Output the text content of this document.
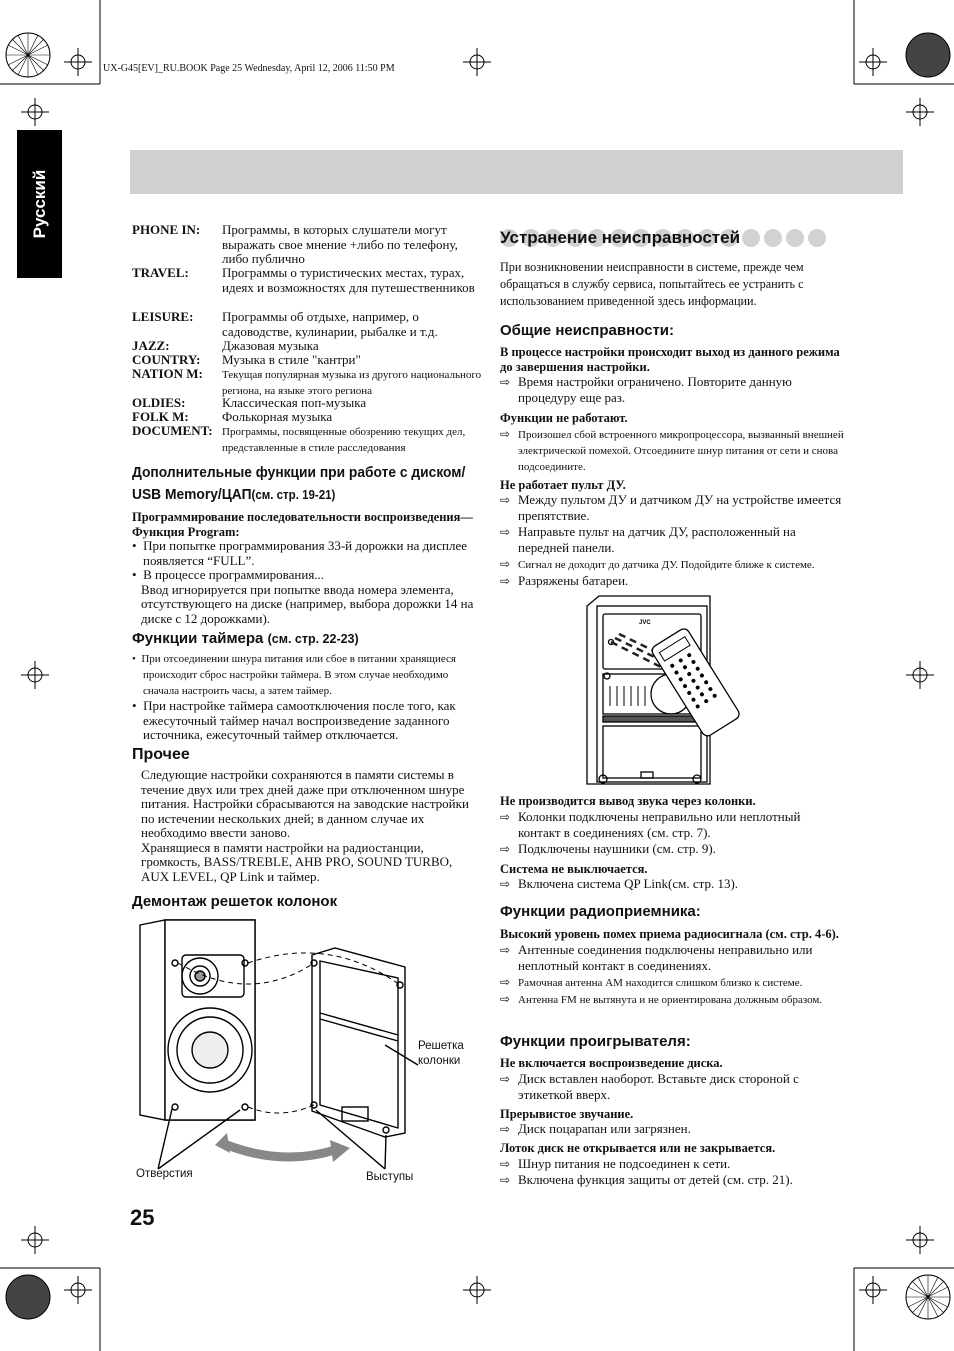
UX-G45[EV]_RU.BOOK Page 25 Wednesday, April 12, 2006 11:50 PM
Русский	PHONE IN: Программы, в которых слушатели могут выражать свое мнение +либо по телефону, либо публично
TRAVEL:	Программы о туристических местах, турах, идеях и возможностях для путешественников
LEISURE: Программы об отдыхе, например, о садоводстве, кулинарии, рыбалке и т.д.
JAZZ:	Джазовая музыка
COUNTRY: Музыка в стиле "кантри"
NATION M: Текущая популярная музыка из другого национального региона, на языке этого региона
OLDIES:	Классическая поп-музыка
FOLK M:	Фолькорная музыка
DOCUMENT: Программы, посвященные обозрению текущих дел, представленные в стиле расследования
Дополнительные функции при работе с диском/
USB Memory/ЦАП(см. стр. 19-21)
Программирование последовательности воспроизведения—Функция Program:
•  При попытке программирования 33-й дорожки на дисплее появляется “FULL”.
•  В процессе программирования...
Ввод игнорируется при попытке ввода номера элемента, отсутствующего на диске (например, выбора дорожки 14 на диске с 12 дорожками).
Функции таймера (см. стр. 22-23)
•  При отсоединении шнура питания или сбое в питании хранящиеся происходит сброс настройки таймера. В этом случае необходимо сначала настроить часы, а затем таймер.
•  При настройке таймера самоотключения после того, как ежесуточный таймер начал воспроизведение заданного источника, ежесуточный таймер отключается.
Прочее
Следующие настройки сохраняются в памяти системы в течение двух или трех дней даже при отключенном шнуре питания. Настройки сбрасываются на заводские настройки по истечении нескольких дней; в данном случае их необходимо ввести заново.
Хранящиеся в памяти настройки на радиостанции, громкость, BASS/TREBLE, AHB PRO, SOUND TURBO, AUX LEVEL, QP Link и таймер.
Демонтаж решеток колонок
Решетка колонки
Отверстия	Выступы
25
Устранение неисправностей
При возникновении неисправности в системе, прежде чем обращаться в службу сервиса, попытайтесь ее устранить с использованием приведенной здесь информации.
Общие неисправности:
В процессе настройки происходит выход из данного режима до завершения настройки.
⇨ Время настройки ограничено. Повторите данную процедуру еще раз.
Функции не работают.
⇨ Произошел сбой встроенного микропроцессора, вызванный внешней электрической помехой. Отсоедините шнур питания от сети и снова подсоедините.
Не работает пульт ДУ.
⇨ Между пультом ДУ и датчиком ДУ на устройстве имеется препятствие.
⇨ Направьте пульт на датчик ДУ, расположенный на передней панели.
⇨ Сигнал не доходит до датчика ДУ. Подойдите ближе к системе.
⇨ Разряжены батареи.
JVC
Не производится вывод звука через колонки.
⇨ Колонки подключены неправильно или неплотный контакт в соединениях (см. стр. 7).
⇨ Подключены наушники (см. стр. 9).
Система не выключается.
⇨ Включена система QP Link(см. стр. 13).
Функции радиоприемника:
Высокий уровень помех приема радиосигнала (см. стр. 4-6).
⇨ Антенные соединения подключены неправильно или неплотный контакт в соединениях.
⇨ Рамочная антенна AM находится слишком близко к системе.
⇨ Антенна FM не вытянута и не ориентирована должным образом.
Функции проигрывателя:
Не включается воспроизведение диска.
⇨ Диск вставлен наоборот. Вставьте диск стороной с этикеткой вверх.
Прерывистое звучание.
⇨ Диск поцарапан или загрязнен.
Лоток диск не открывается или не закрывается.
⇨ Шнур питания не подсоединен к сети.
⇨ Включена функция защиты от детей (см. стр. 21).
